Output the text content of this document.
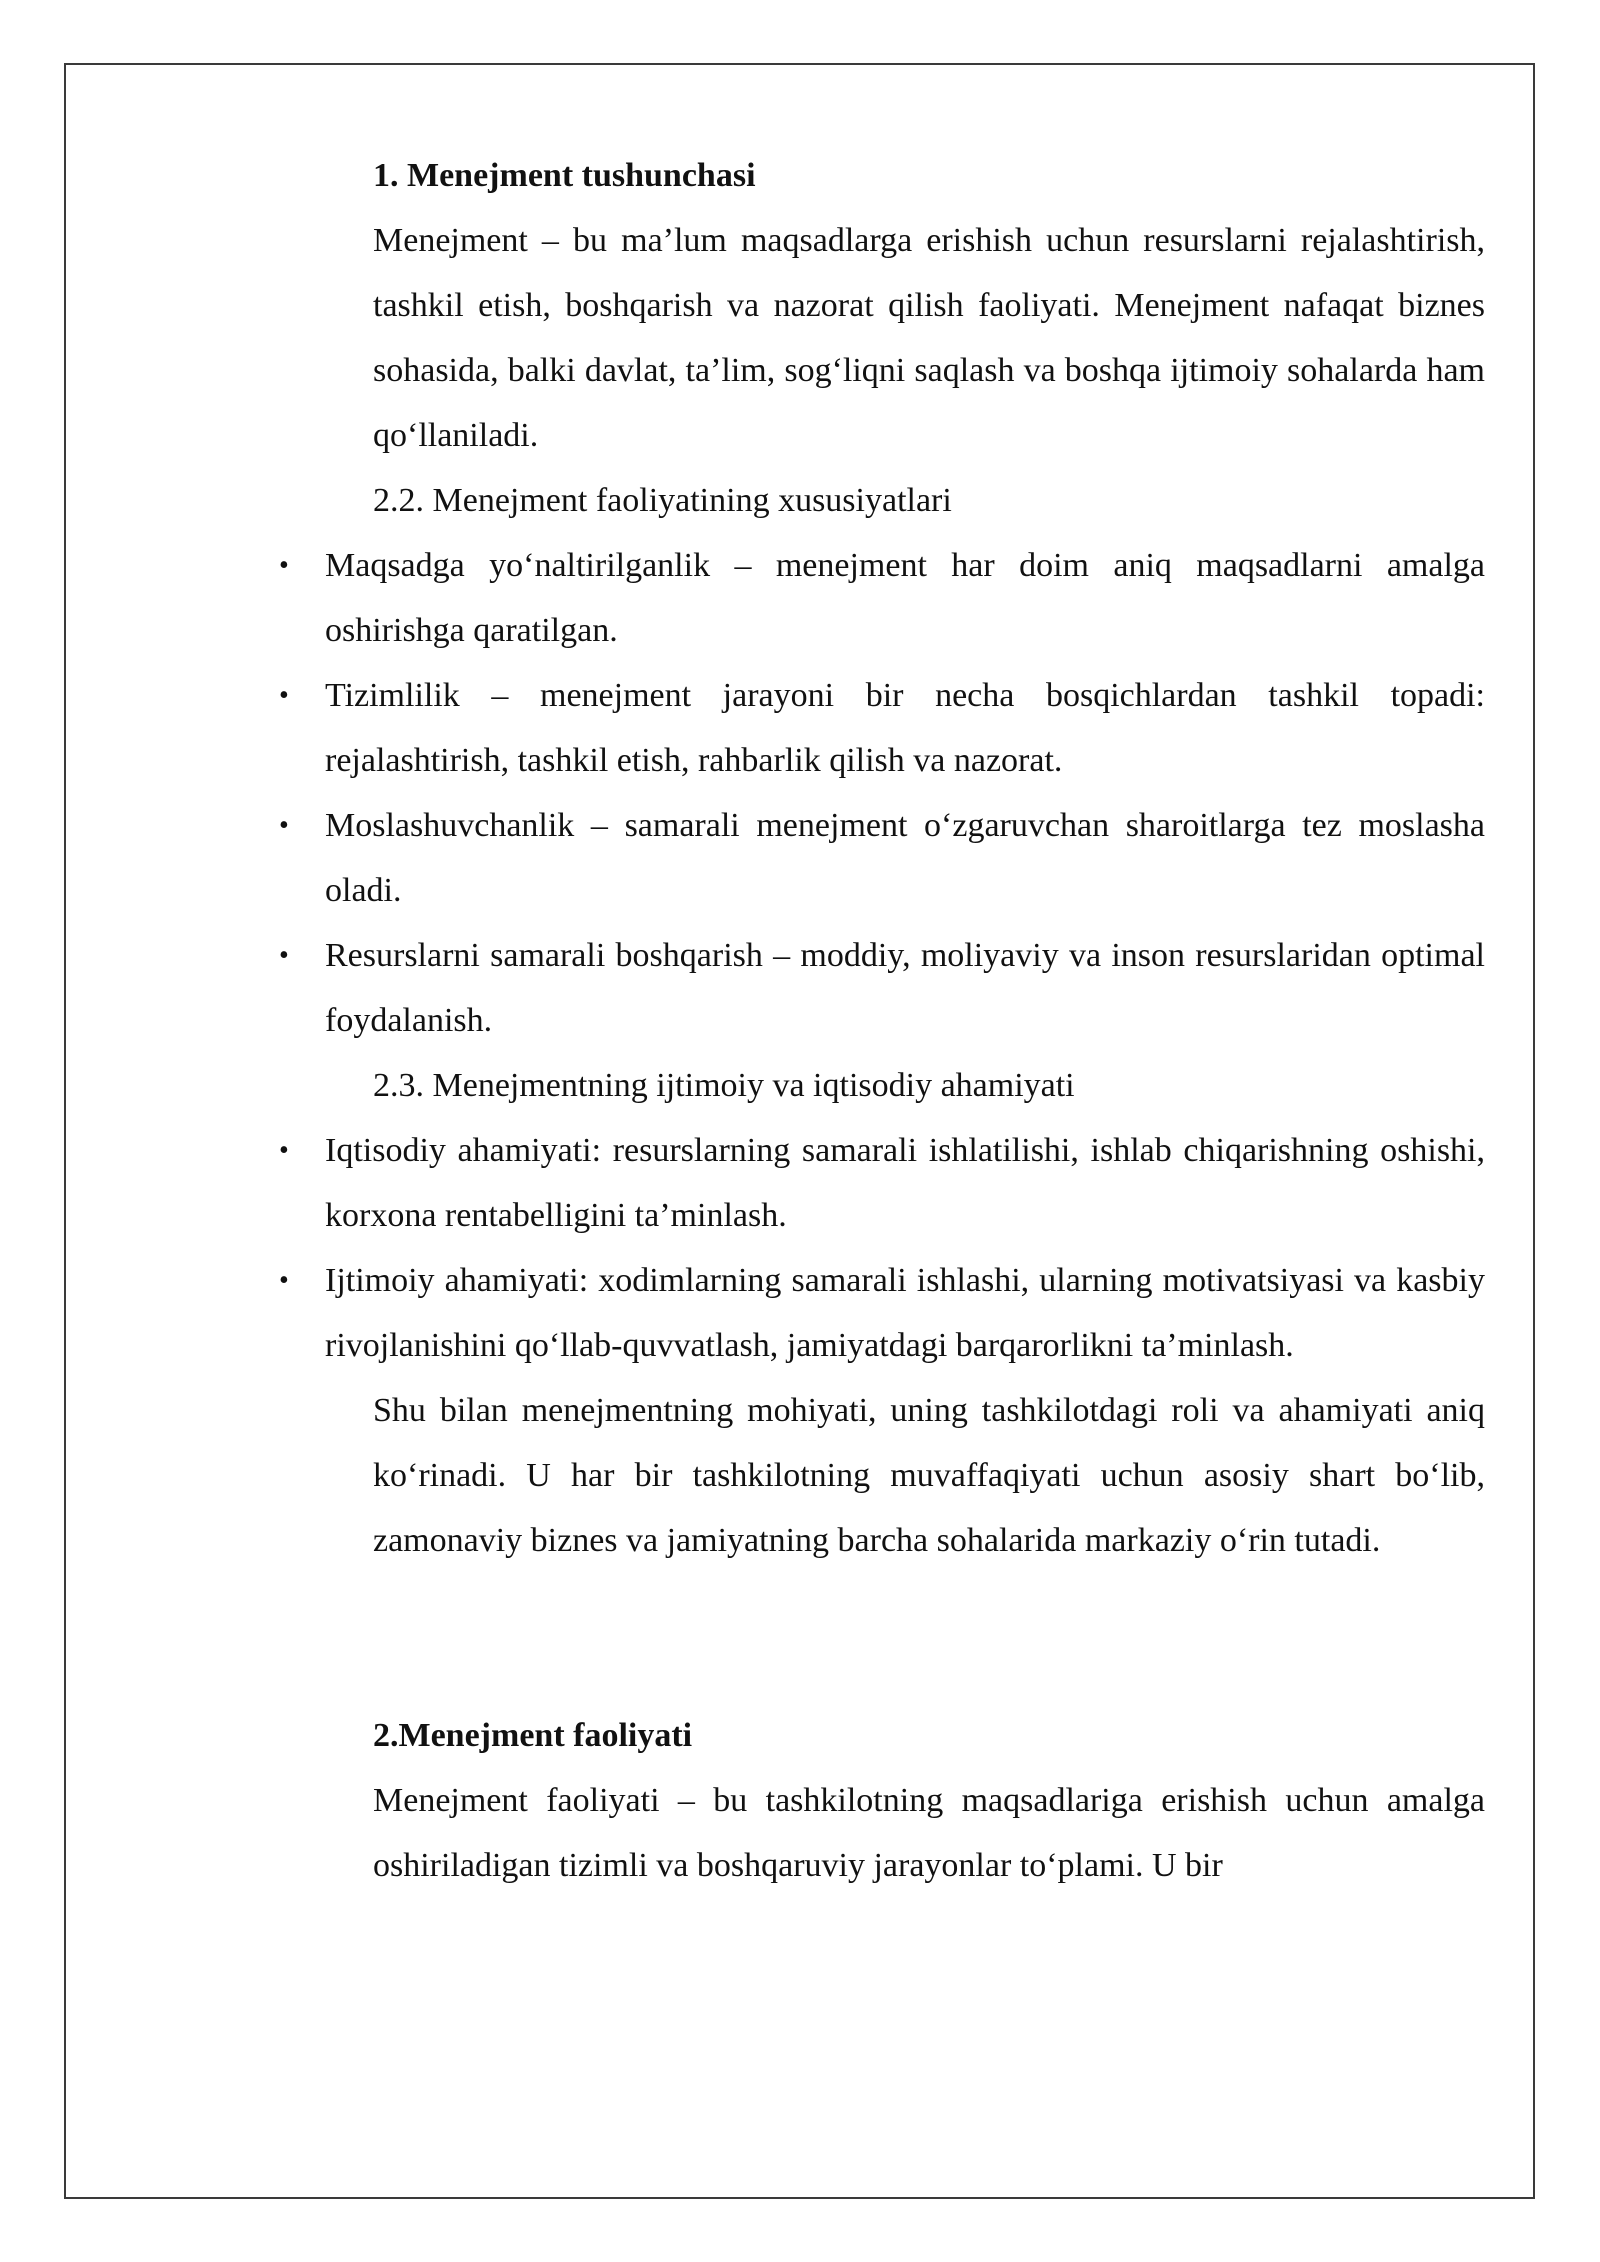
1. Menejment tushunchasi

Menejment – bu ma’lum maqsadlarga erishish uchun resurslarni rejalashtirish, tashkil etish, boshqarish va nazorat qilish faoliyati. Menejment nafaqat biznes sohasida, balki davlat, ta’lim, sog‘liqni saqlash va boshqa ijtimoiy sohalarda ham qo‘llaniladi.

2.2. Menejment faoliyatining xususiyatlari

• Maqsadga yo‘naltirilganlik – menejment har doim aniq maqsadlarni amalga oshirishga qaratilgan.
• Tizimlilik – menejment jarayoni bir necha bosqichlardan tashkil topadi: rejalashtirish, tashkil etish, rahbarlik qilish va nazorat.
• Moslashuvchanlik – samarali menejment o‘zgaruvchan sharoitlarga tez moslasha oladi.
• Resurslarni samarali boshqarish – moddiy, moliyaviy va inson resurslaridan optimal foydalanish.

2.3. Menejmentning ijtimoiy va iqtisodiy ahamiyati

• Iqtisodiy ahamiyati: resurslarning samarali ishlatilishi, ishlab chiqarishning oshishi, korxona rentabelligini ta’minlash.
• Ijtimoiy ahamiyati: xodimlarning samarali ishlashi, ularning motivatsiyasi va kasbiy rivojlanishini qo‘llab-quvvatlash, jamiyatdagi barqarorlikni ta’minlash.

Shu bilan menejmentning mohiyati, uning tashkilotdagi roli va ahamiyati aniq ko‘rinadi. U har bir tashkilotning muvaffaqiyati uchun asosiy shart bo‘lib, zamonaviy biznes va jamiyatning barcha sohalarida markaziy o‘rin tutadi.

2.Menejment faoliyati

Menejment faoliyati – bu tashkilotning maqsadlariga erishish uchun amalga oshiriladigan tizimli va boshqaruviy jarayonlar to‘plami. U bir
